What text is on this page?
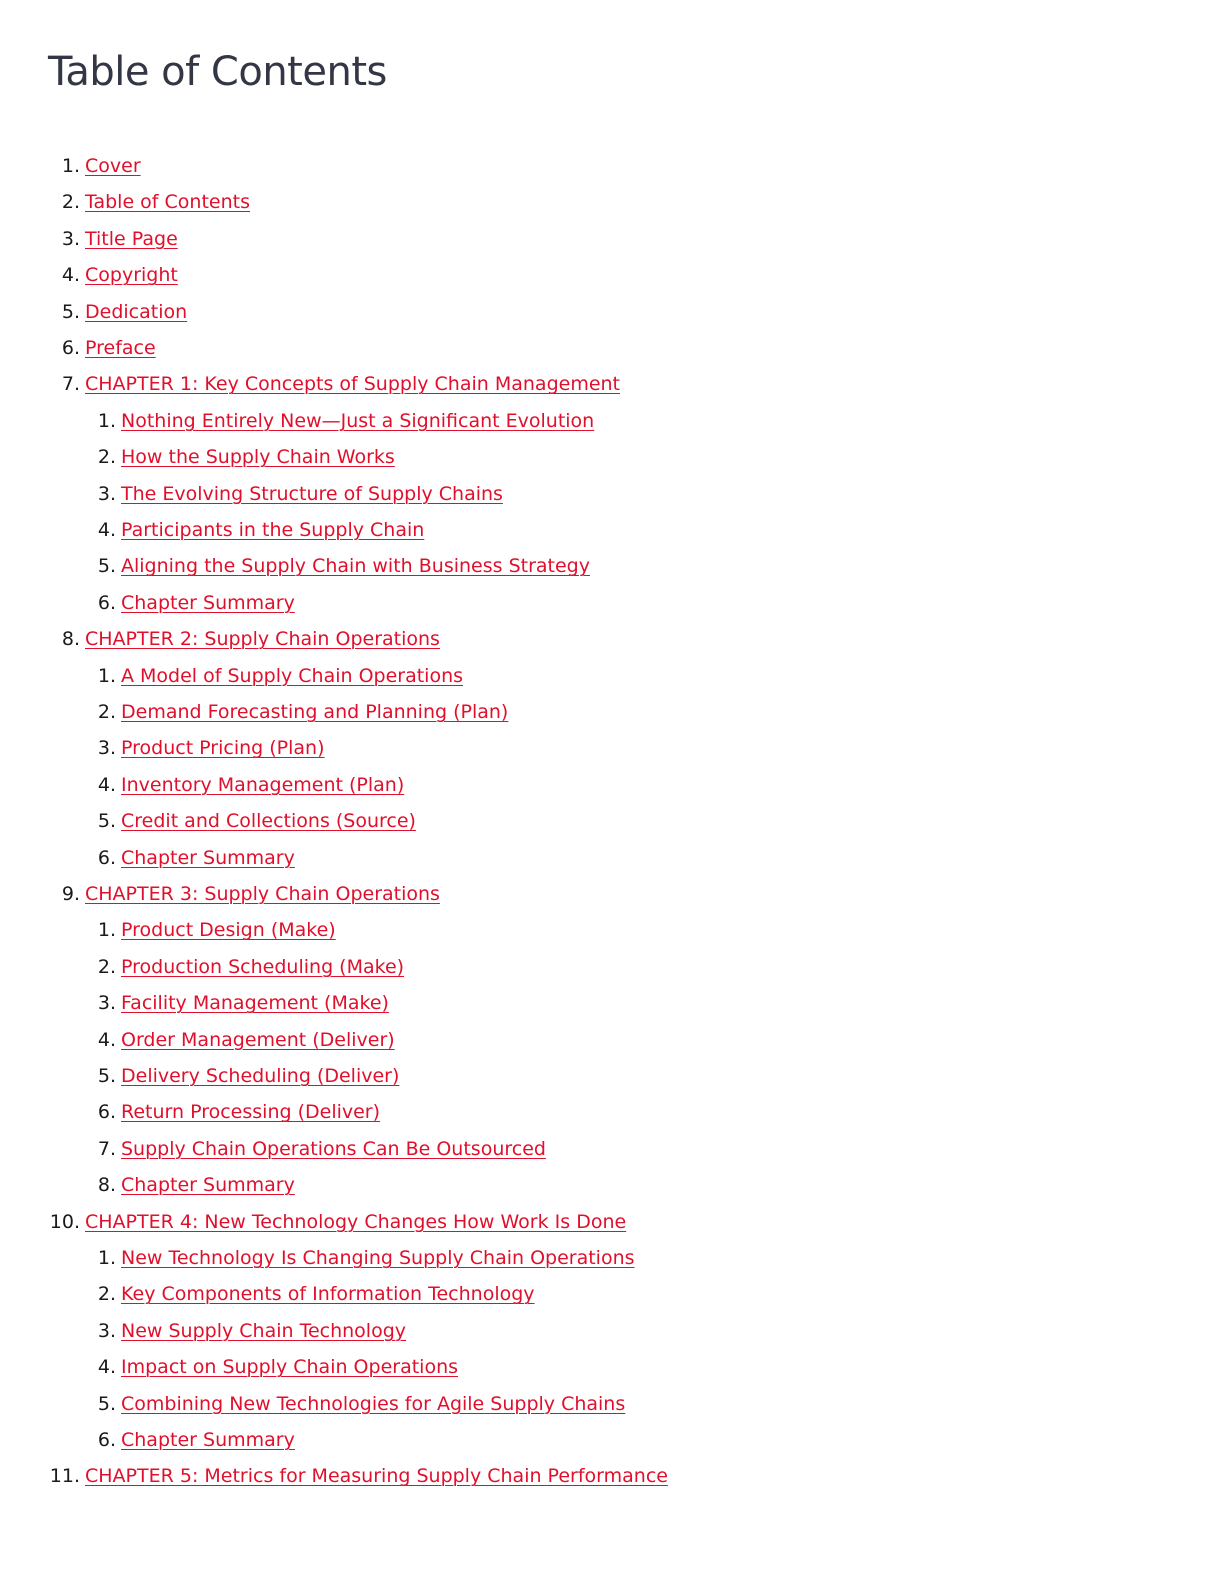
Table of Contents
1. Cover
2. Table of Contents
3. Title Page
4. Copyright
5. Dedication
6. Preface
7. CHAPTER 1: Key Concepts of Supply Chain Management
1. Nothing Entirely New—Just a Significant Evolution
2. How the Supply Chain Works
3. The Evolving Structure of Supply Chains
4. Participants in the Supply Chain
5. Aligning the Supply Chain with Business Strategy
6. Chapter Summary
8. CHAPTER 2: Supply Chain Operations
1. A Model of Supply Chain Operations
2. Demand Forecasting and Planning (Plan)
3. Product Pricing (Plan)
4. Inventory Management (Plan)
5. Credit and Collections (Source)
6. Chapter Summary
9. CHAPTER 3: Supply Chain Operations
1. Product Design (Make)
2. Production Scheduling (Make)
3. Facility Management (Make)
4. Order Management (Deliver)
5. Delivery Scheduling (Deliver)
6. Return Processing (Deliver)
7. Supply Chain Operations Can Be Outsourced
8. Chapter Summary
10. CHAPTER 4: New Technology Changes How Work Is Done
1. New Technology Is Changing Supply Chain Operations
2. Key Components of Information Technology
3. New Supply Chain Technology
4. Impact on Supply Chain Operations
5. Combining New Technologies for Agile Supply Chains
6. Chapter Summary
11. CHAPTER 5: Metrics for Measuring Supply Chain Performance
